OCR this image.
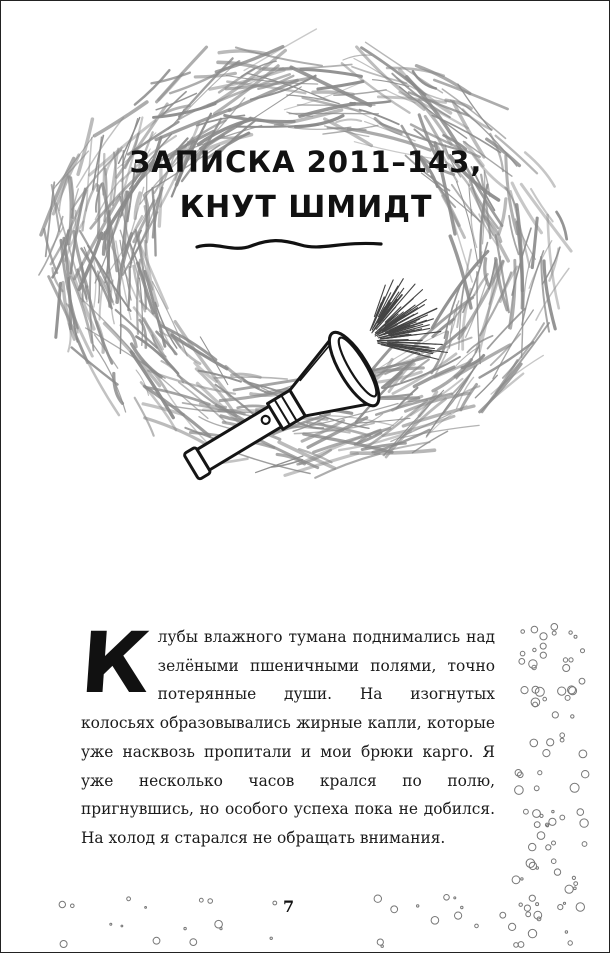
ЗАПИСКА 2011–143,
КНУТ ШМИДТ
К лубы влажного тумана поднимались над зелёными пшеничными полями, точно потерянные души. На изогнутых колосьях образовывались жирные капли, которые уже насквозь пропитали и мои брюки карго. Я уже несколько часов крался по полю, пригнувшись, но особого успеха пока не добился. На холод я старался не обращать внимания.
7
